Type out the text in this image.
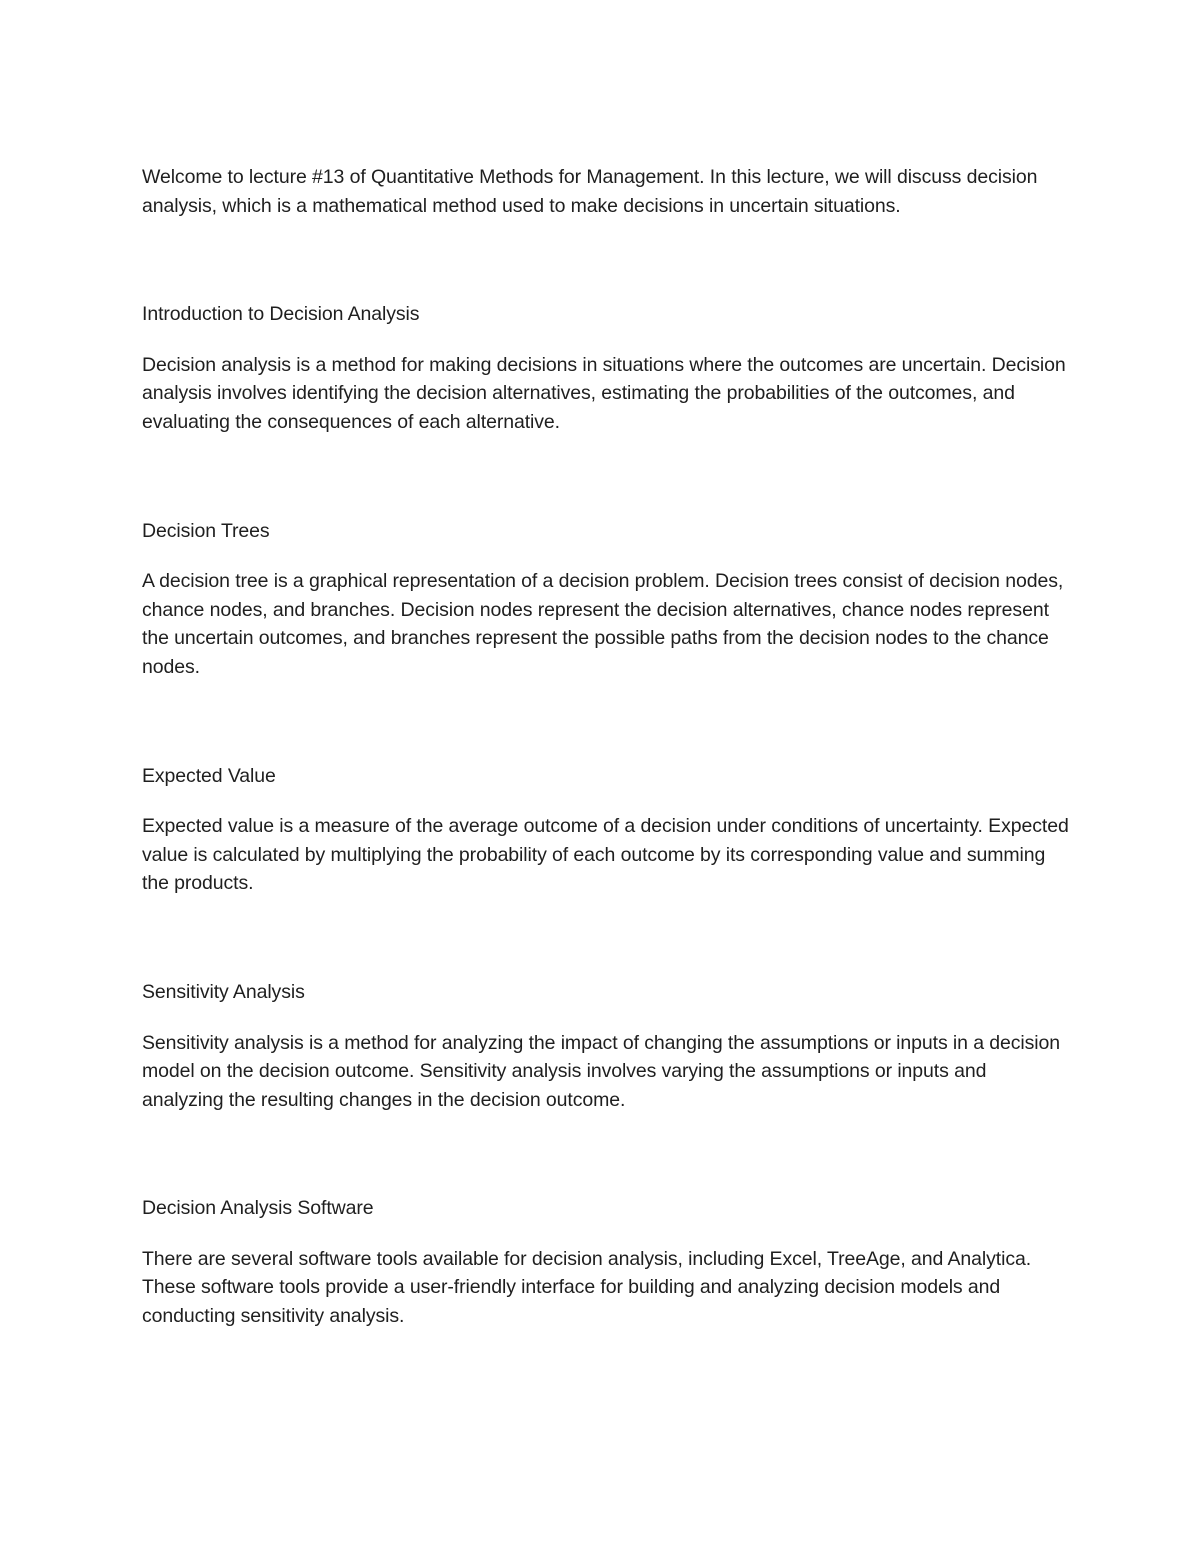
Welcome to lecture #13 of Quantitative Methods for Management. In this lecture, we will discuss decision analysis, which is a mathematical method used to make decisions in uncertain situations.

Introduction to Decision Analysis

Decision analysis is a method for making decisions in situations where the outcomes are uncertain. Decision analysis involves identifying the decision alternatives, estimating the probabilities of the outcomes, and evaluating the consequences of each alternative.

Decision Trees

A decision tree is a graphical representation of a decision problem. Decision trees consist of decision nodes, chance nodes, and branches. Decision nodes represent the decision alternatives, chance nodes represent the uncertain outcomes, and branches represent the possible paths from the decision nodes to the chance nodes.

Expected Value

Expected value is a measure of the average outcome of a decision under conditions of uncertainty. Expected value is calculated by multiplying the probability of each outcome by its corresponding value and summing the products.

Sensitivity Analysis

Sensitivity analysis is a method for analyzing the impact of changing the assumptions or inputs in a decision model on the decision outcome. Sensitivity analysis involves varying the assumptions or inputs and analyzing the resulting changes in the decision outcome.

Decision Analysis Software

There are several software tools available for decision analysis, including Excel, TreeAge, and Analytica. These software tools provide a user-friendly interface for building and analyzing decision models and conducting sensitivity analysis.
